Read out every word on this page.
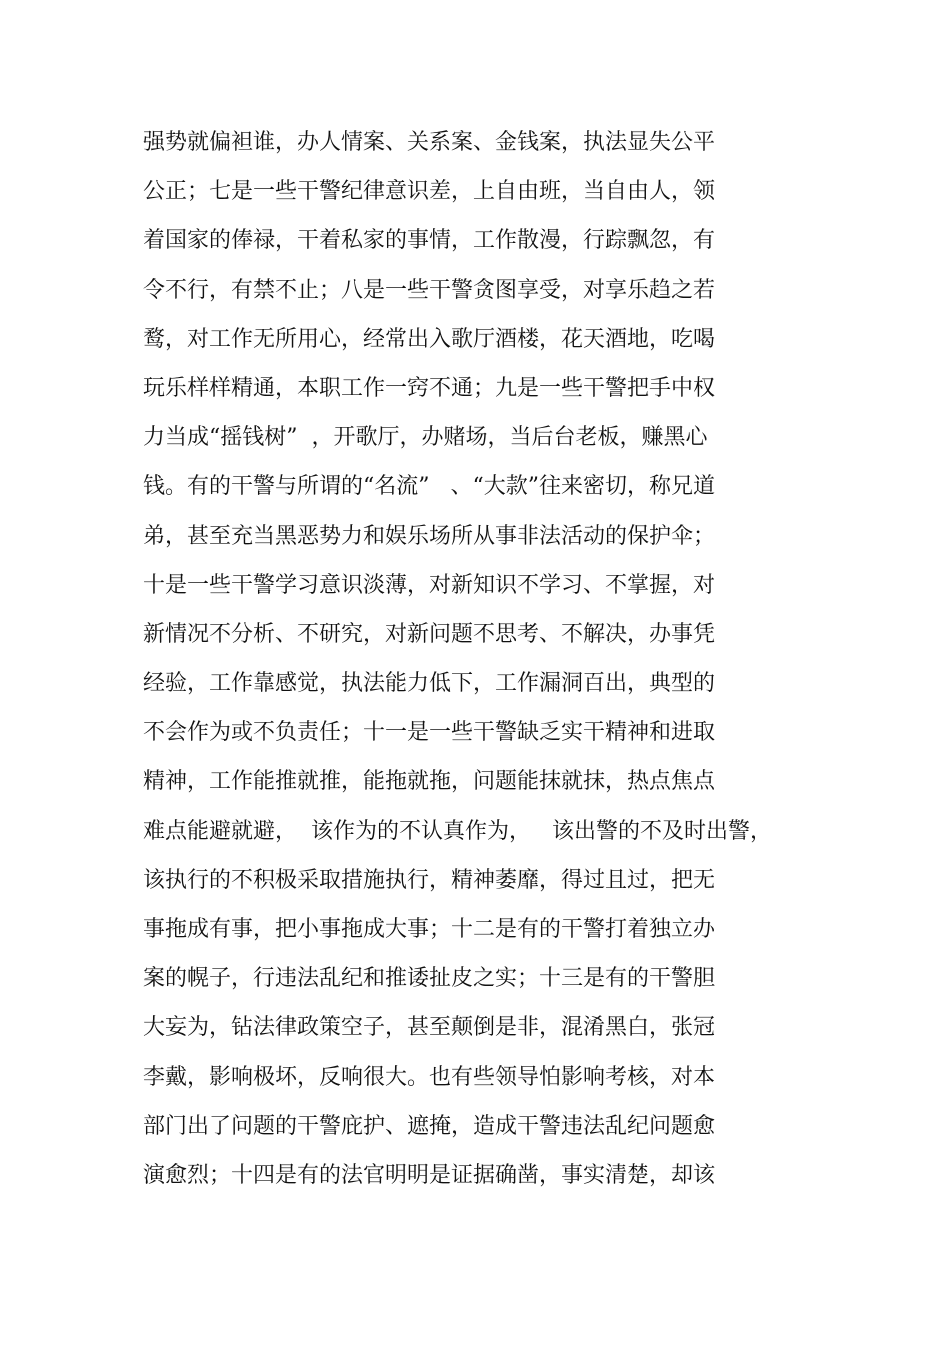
强势就偏袒谁，办人情案、关系案、金钱案，执法显失公平
公正；七是一些干警纪律意识差，上自由班，当自由人，领
着国家的俸禄，干着私家的事情，工作散漫，行踪飘忽，有
令不行，有禁不止；八是一些干警贪图享受，对享乐趋之若
鹜，对工作无所用心，经常出入歌厅酒楼，花天酒地，吃喝
玩乐样样精通，本职工作一窍不通；九是一些干警把手中权
力当成“摇钱树”  ，开歌厅，办赌场，当后台老板，赚黑心
钱。有的干警与所谓的“名流”   、“大款”往来密切，称兄道
弟，甚至充当黑恶势力和娱乐场所从事非法活动的保护伞；
十是一些干警学习意识淡薄，对新知识不学习、不掌握，对
新情况不分析、不研究，对新问题不思考、不解决，办事凭
经验，工作靠感觉，执法能力低下，工作漏洞百出，典型的
不会作为或不负责任；十一是一些干警缺乏实干精神和进取
精神，工作能推就推，能拖就拖，问题能抹就抹，热点焦点
难点能避就避，  该作为的不认真作为，   该出警的不及时出警，
该执行的不积极采取措施执行，精神萎靡，得过且过，把无
事拖成有事，把小事拖成大事；十二是有的干警打着独立办
案的幌子，行违法乱纪和推诿扯皮之实；十三是有的干警胆
大妄为，钻法律政策空子，甚至颠倒是非，混淆黑白，张冠
李戴，影响极坏，反响很大。也有些领导怕影响考核，对本
部门出了问题的干警庇护、遮掩，造成干警违法乱纪问题愈
演愈烈；十四是有的法官明明是证据确凿，事实清楚，却该
